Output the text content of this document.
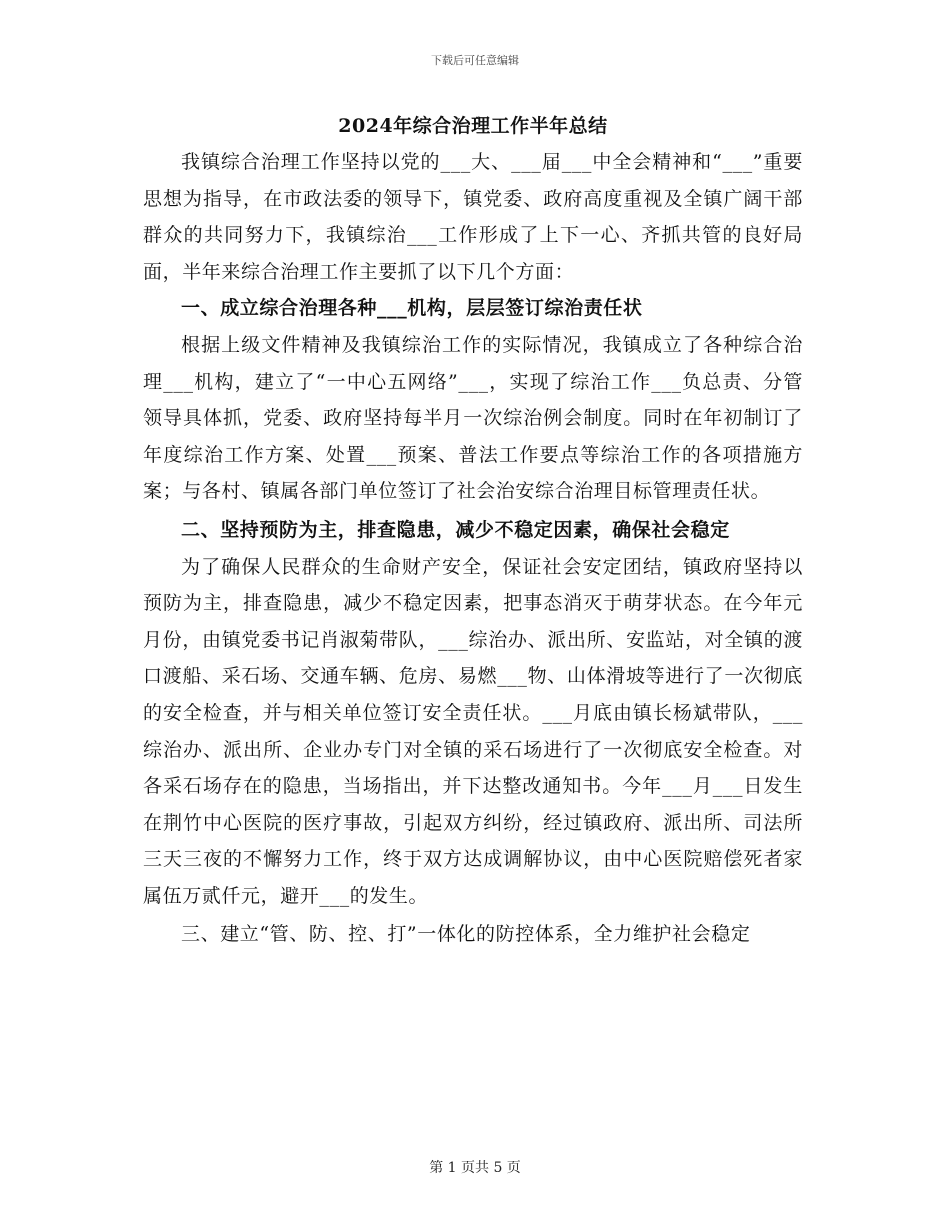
下载后可任意编辑
2024年综合治理工作半年总结

我镇综合治理工作坚持以党的___大、___届___中全会精神和“___”重要思想为指导，在市政法委的领导下，镇党委、政府高度重视及全镇广阔干部群众的共同努力下，我镇综治___工作形成了上下一心、齐抓共管的良好局面，半年来综合治理工作主要抓了以下几个方面：

一、成立综合治理各种___机构，层层签订综治责任状

根据上级文件精神及我镇综治工作的实际情况，我镇成立了各种综合治理___机构，建立了“一中心五网络”___，实现了综治工作___负总责、分管领导具体抓，党委、政府坚持每半月一次综治例会制度。同时在年初制订了年度综治工作方案、处置___预案、普法工作要点等综治工作的各项措施方案；与各村、镇属各部门单位签订了社会治安综合治理目标管理责任状。

二、坚持预防为主，排查隐患，减少不稳定因素，确保社会稳定

为了确保人民群众的生命财产安全，保证社会安定团结，镇政府坚持以预防为主，排查隐患，减少不稳定因素，把事态消灭于萌芽状态。在今年元月份，由镇党委书记肖淑菊带队，___综治办、派出所、安监站，对全镇的渡口渡船、采石场、交通车辆、危房、易燃___物、山体滑坡等进行了一次彻底的安全检查，并与相关单位签订安全责任状。___月底由镇长杨斌带队，___综治办、派出所、企业办专门对全镇的采石场进行了一次彻底安全检查。对各采石场存在的隐患，当场指出，并下达整改通知书。今年___月___日发生在荆竹中心医院的医疗事故，引起双方纠纷，经过镇政府、派出所、司法所三天三夜的不懈努力工作，终于双方达成调解协议，由中心医院赔偿死者家属伍万贰仟元，避开___的发生。

三、建立“管、防、控、打”一体化的防控体系，全力维护社会稳定

第 1 页共 5 页
